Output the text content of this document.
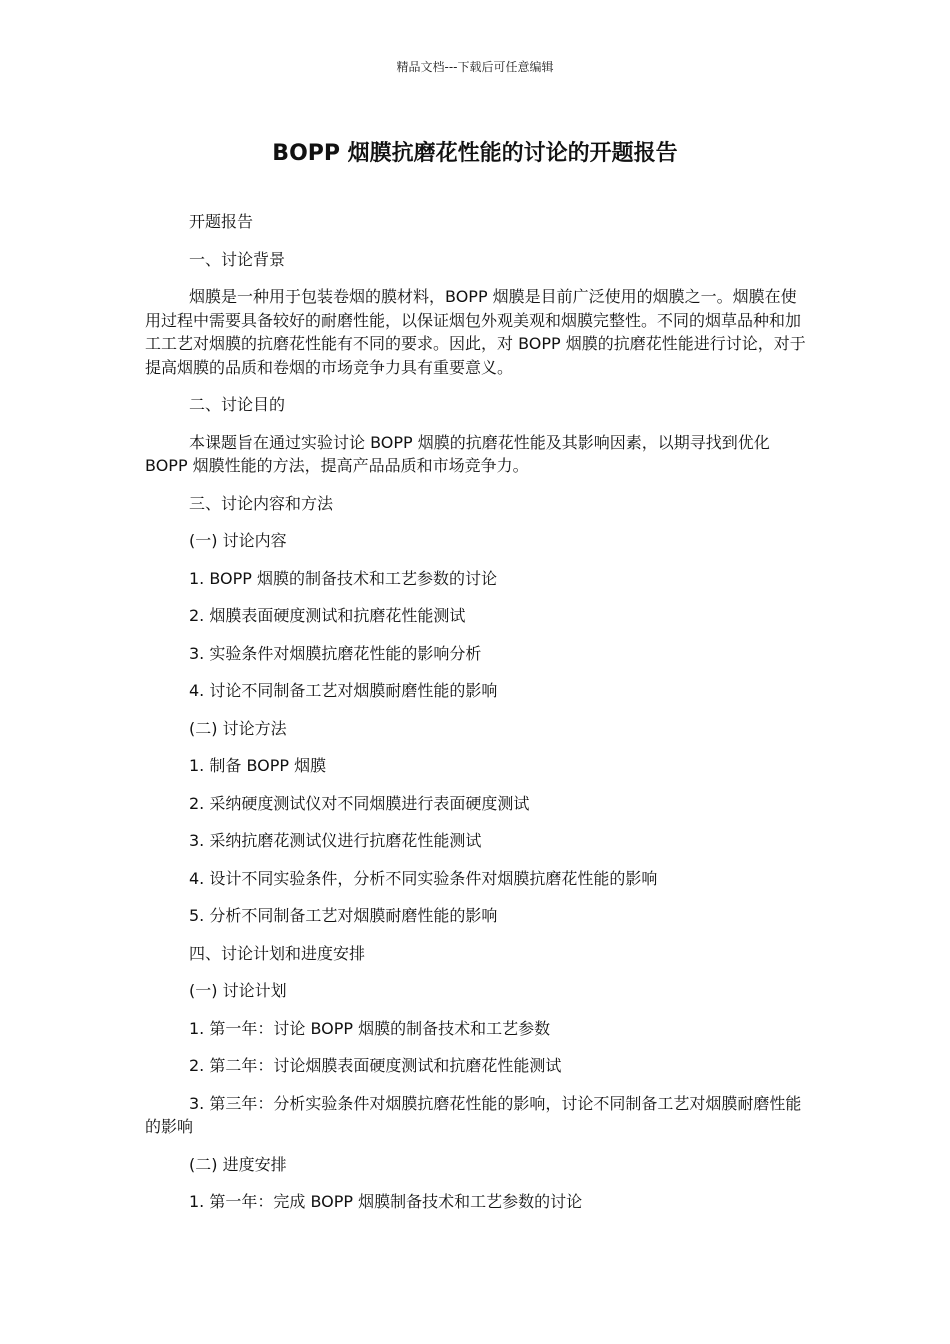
精品文档---下载后可任意编辑
BOPP 烟膜抗磨花性能的讨论的开题报告

开题报告

一、讨论背景

烟膜是一种用于包装卷烟的膜材料，BOPP 烟膜是目前广泛使用的烟膜之一。烟膜在使用过程中需要具备较好的耐磨性能，以保证烟包外观美观和烟膜完整性。不同的烟草品种和加工工艺对烟膜的抗磨花性能有不同的要求。因此，对 BOPP 烟膜的抗磨花性能进行讨论，对于提高烟膜的品质和卷烟的市场竞争力具有重要意义。

二、讨论目的

本课题旨在通过实验讨论 BOPP 烟膜的抗磨花性能及其影响因素，以期寻找到优化 BOPP 烟膜性能的方法，提高产品品质和市场竞争力。

三、讨论内容和方法

(一) 讨论内容

1. BOPP 烟膜的制备技术和工艺参数的讨论

2. 烟膜表面硬度测试和抗磨花性能测试

3. 实验条件对烟膜抗磨花性能的影响分析

4. 讨论不同制备工艺对烟膜耐磨性能的影响

(二) 讨论方法

1. 制备 BOPP 烟膜

2. 采纳硬度测试仪对不同烟膜进行表面硬度测试

3. 采纳抗磨花测试仪进行抗磨花性能测试

4. 设计不同实验条件，分析不同实验条件对烟膜抗磨花性能的影响

5. 分析不同制备工艺对烟膜耐磨性能的影响

四、讨论计划和进度安排

(一) 讨论计划

1. 第一年：讨论 BOPP 烟膜的制备技术和工艺参数

2. 第二年：讨论烟膜表面硬度测试和抗磨花性能测试

3. 第三年：分析实验条件对烟膜抗磨花性能的影响，讨论不同制备工艺对烟膜耐磨性能的影响

(二) 进度安排

1. 第一年：完成 BOPP 烟膜制备技术和工艺参数的讨论
